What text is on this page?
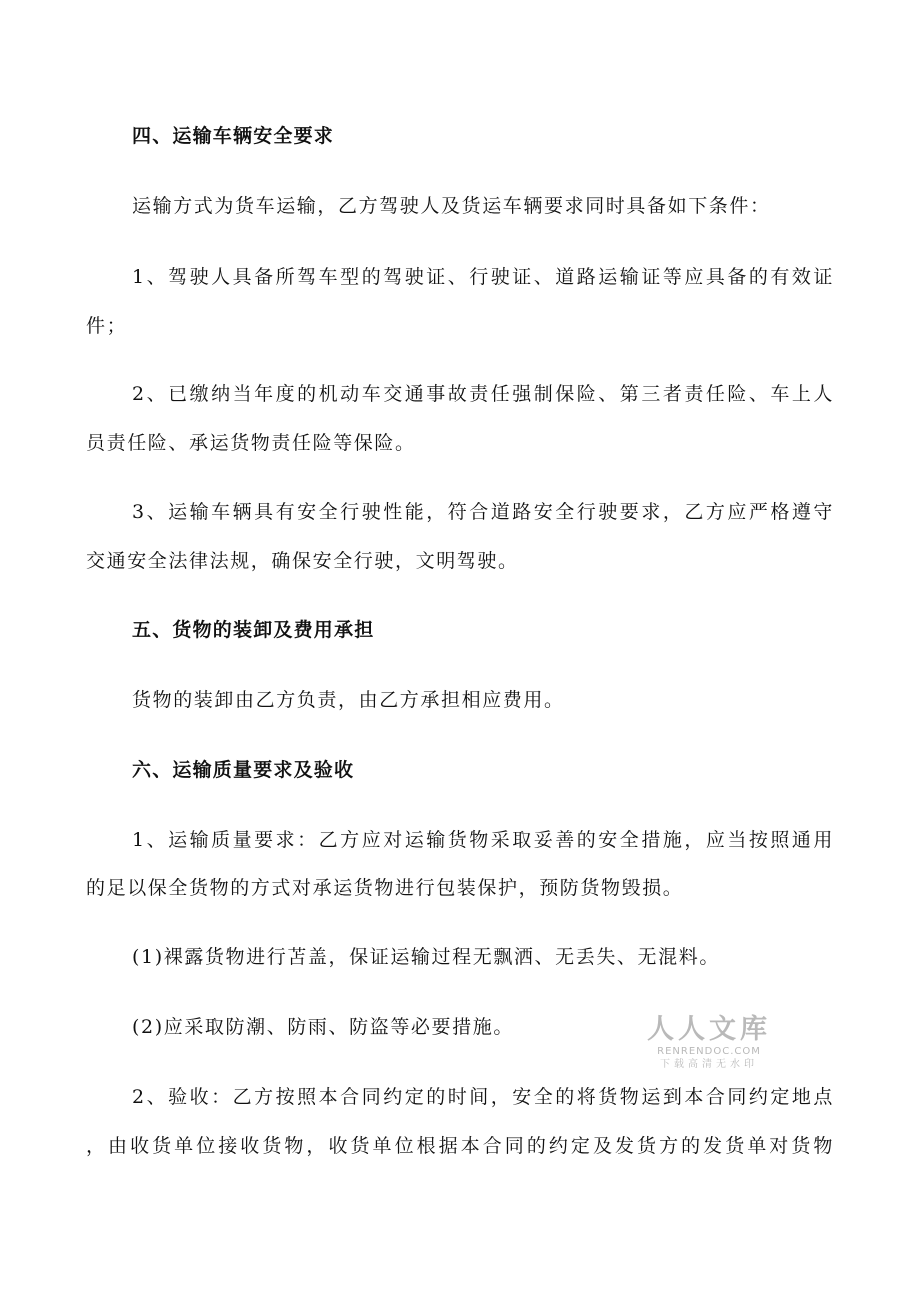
四、运输车辆安全要求
运输方式为货车运输，乙方驾驶人及货运车辆要求同时具备如下条件：
1、驾驶人具备所驾车型的驾驶证、行驶证、道路运输证等应具备的有效证
件；
2、已缴纳当年度的机动车交通事故责任强制保险、第三者责任险、车上人
员责任险、承运货物责任险等保险。
3、运输车辆具有安全行驶性能，符合道路安全行驶要求，乙方应严格遵守
交通安全法律法规，确保安全行驶，文明驾驶。
五、货物的装卸及费用承担
货物的装卸由乙方负责，由乙方承担相应费用。
六、运输质量要求及验收
1、运输质量要求：乙方应对运输货物采取妥善的安全措施，应当按照通用
的足以保全货物的方式对承运货物进行包装保护，预防货物毁损。
(1)裸露货物进行苫盖，保证运输过程无飘洒、无丢失、无混料。
(2)应采取防潮、防雨、防盗等必要措施。
2、验收：乙方按照本合同约定的时间，安全的将货物运到本合同约定地点
，由收货单位接收货物，收货单位根据本合同的约定及发货方的发货单对货物
人人文库
RENRENDOC.COM
下载高清无水印
